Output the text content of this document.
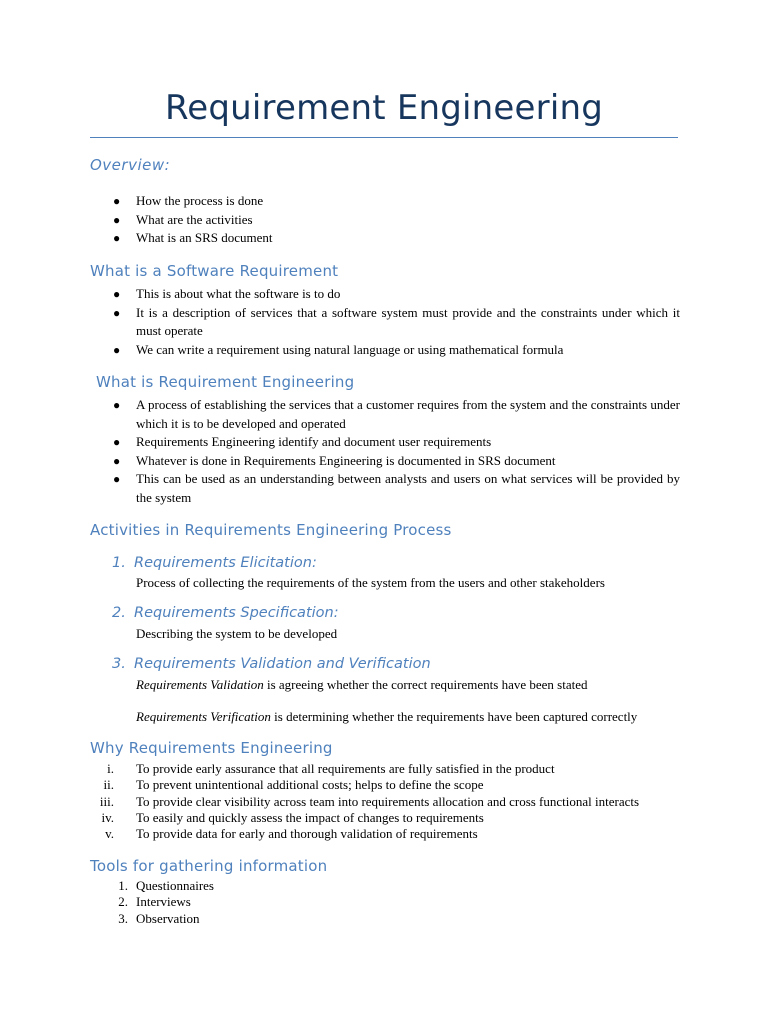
Requirement Engineering
Overview:
● How the process is done
● What are the activities
● What is an SRS document
What is a Software Requirement
● This is about what the software is to do
● It is a description of services that a software system must provide and the constraints under which it must operate
● We can write a requirement using natural language or using mathematical formula
What is Requirement Engineering
● A process of establishing the services that a customer requires from the system and the constraints under which it is to be developed and operated
● Requirements Engineering identify and document user requirements
● Whatever is done in Requirements Engineering is documented in SRS document
● This can be used as an understanding between analysts and users on what services will be provided by the system
Activities in Requirements Engineering Process
1. Requirements Elicitation:
Process of collecting the requirements of the system from the users and other stakeholders
2. Requirements Specification:
Describing the system to be developed
3. Requirements Validation and Verification
Requirements Validation is agreeing whether the correct requirements have been stated
Requirements Verification is determining whether the requirements have been captured correctly
Why Requirements Engineering
i. To provide early assurance that all requirements are fully satisfied in the product
ii. To prevent unintentional additional costs; helps to define the scope
iii. To provide clear visibility across team into requirements allocation and cross functional interacts
iv. To easily and quickly assess the impact of changes to requirements
v. To provide data for early and thorough validation of requirements
Tools for gathering information
1. Questionnaires
2. Interviews
3. Observation
